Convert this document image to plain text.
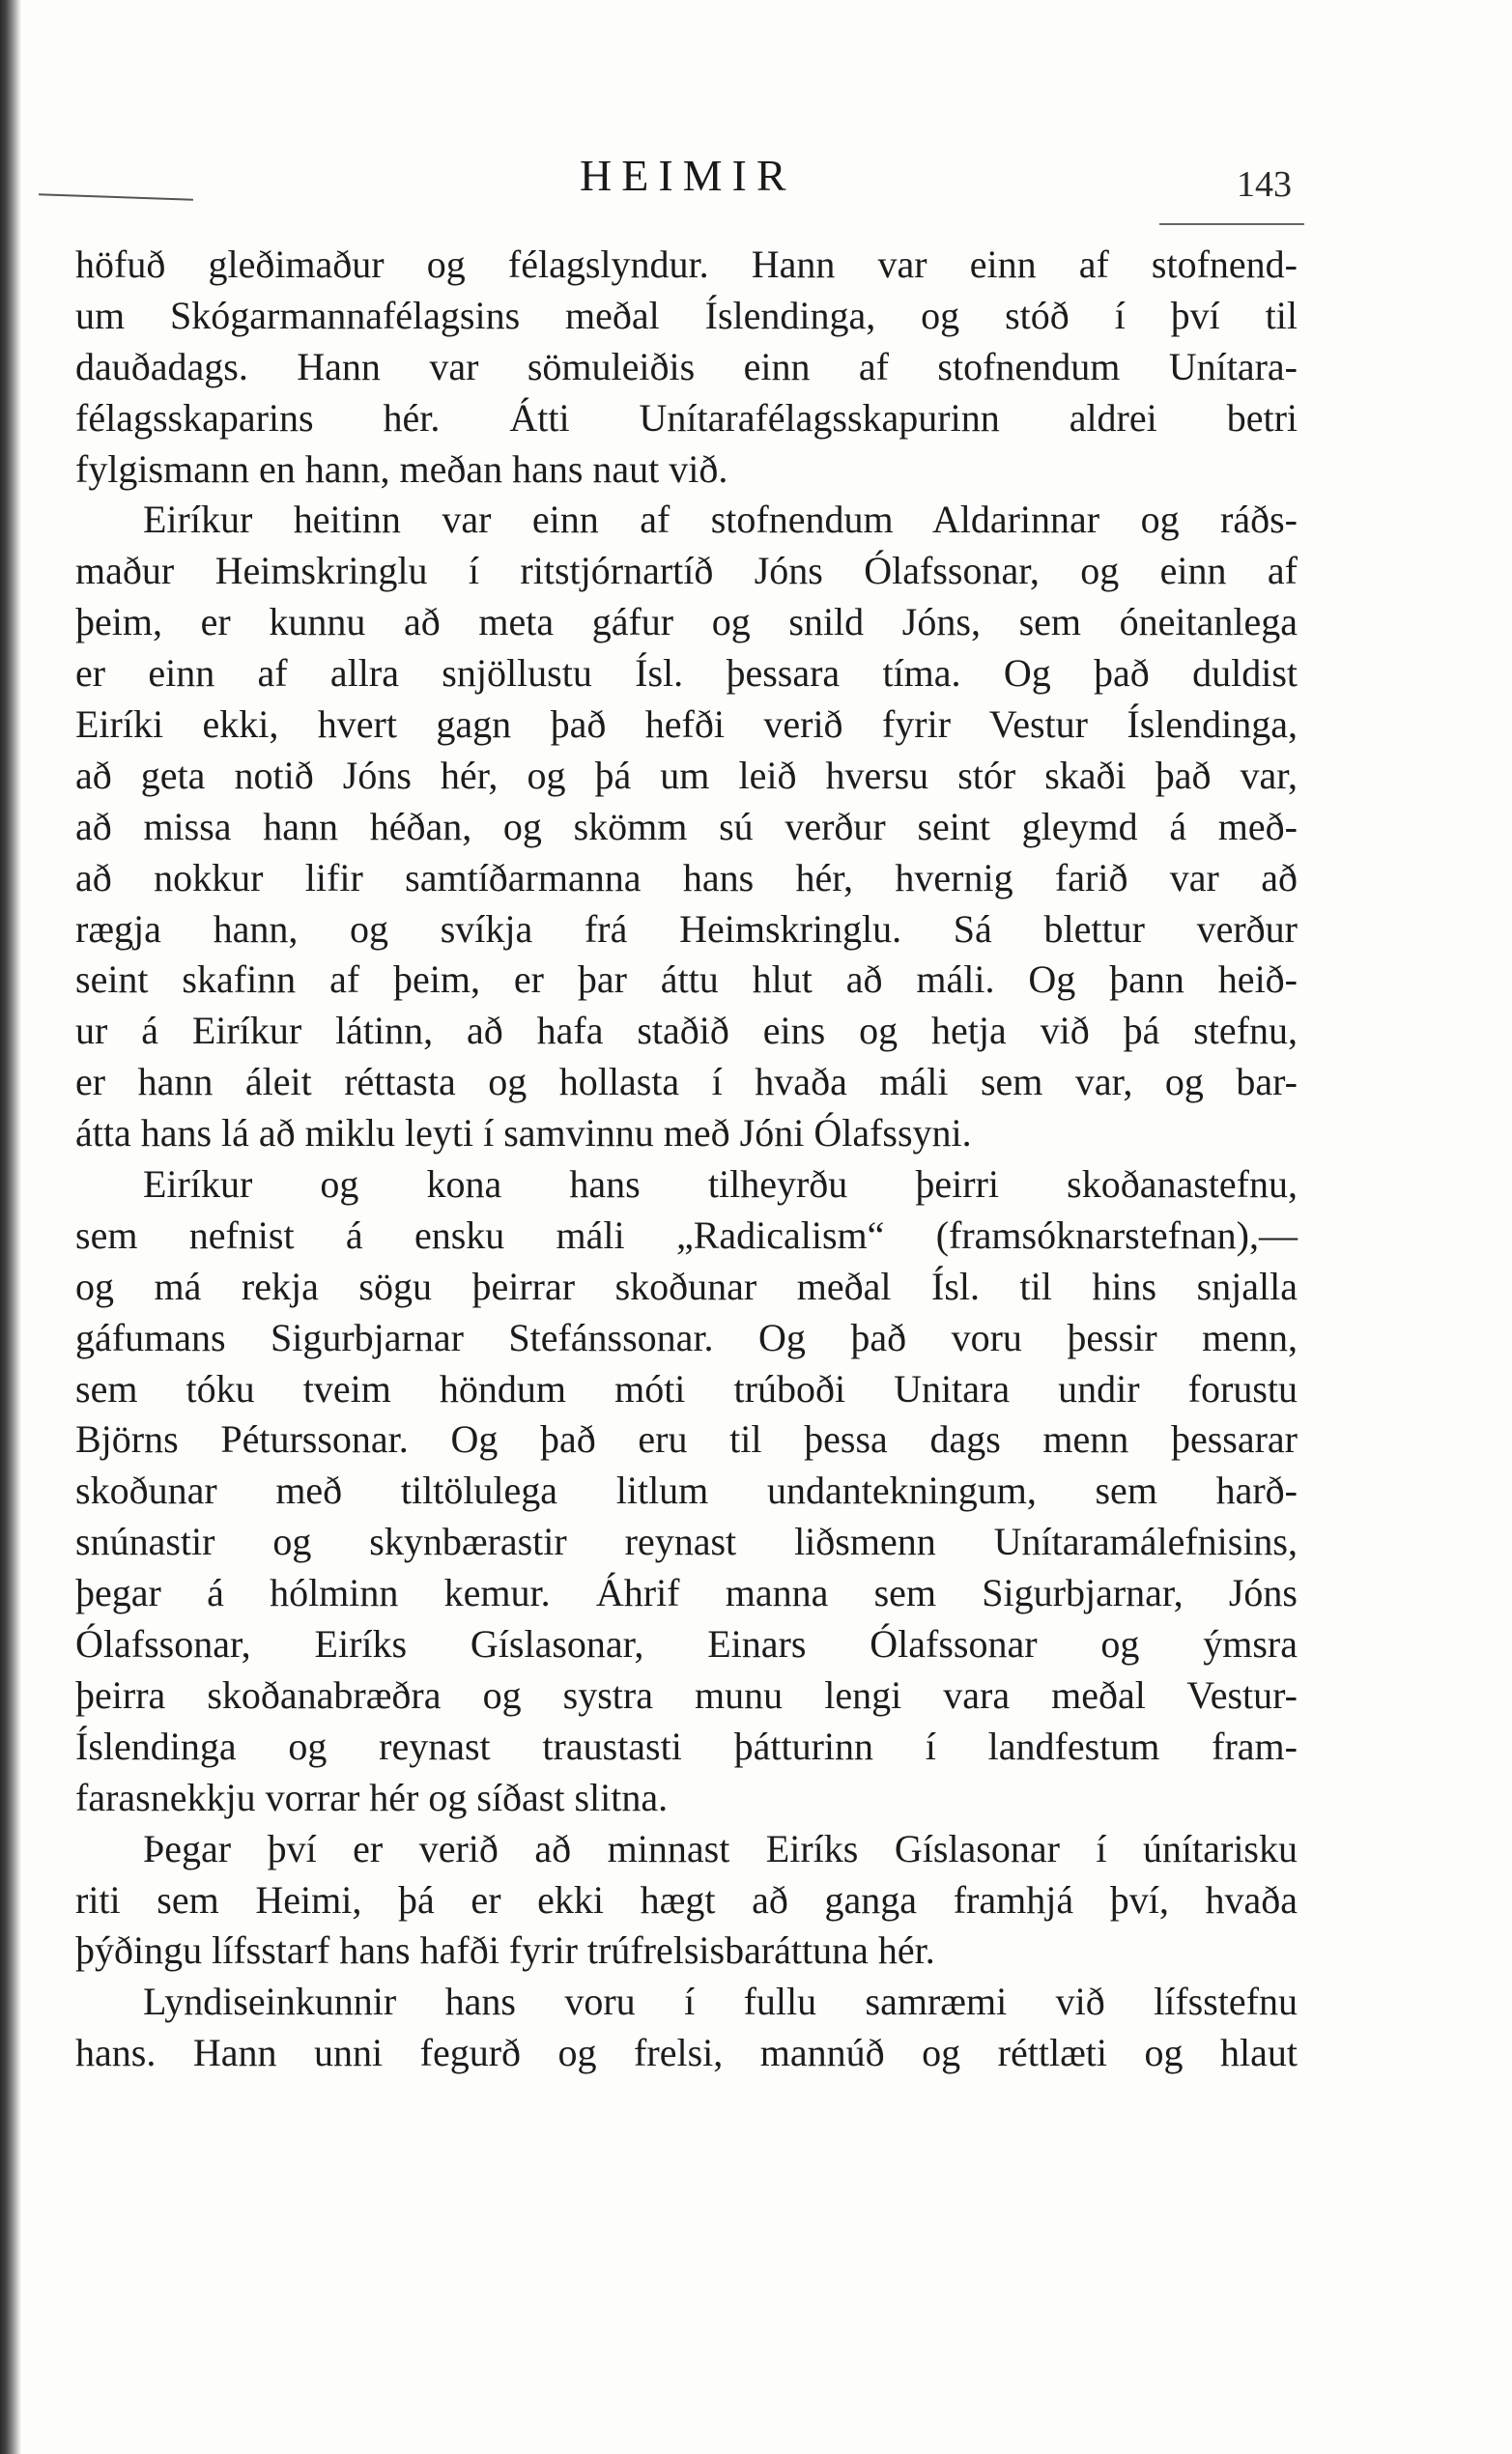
HEIMIR	143
höfuð gleðimaður og félagslyndur. Hann var einn af stofnend-
um Skógarmannafélagsins meðal Íslendinga, og stóð í því til
dauðadags. Hann var sömuleiðis einn af stofnendum Unítara-
félagsskaparins hér. Átti Unítarafélagsskapurinn aldrei betri
fylgismann en hann, meðan hans naut við.
Eiríkur heitinn var einn af stofnendum Aldarinnar og ráðs-
maður Heimskringlu í ritstjórnartíð Jóns Ólafssonar, og einn af
þeim, er kunnu að meta gáfur og snild Jóns, sem óneitanlega
er einn af allra snjöllustu Ísl. þessara tíma. Og það duldist
Eiríki ekki, hvert gagn það hefði verið fyrir Vestur Íslendinga,
að geta notið Jóns hér, og þá um leið hversu stór skaði það var,
að missa hann héðan, og skömm sú verður seint gleymd á með-
að nokkur lifir samtíðarmanna hans hér, hvernig farið var að
rægja hann, og svíkja frá Heimskringlu. Sá blettur verður
seint skafinn af þeim, er þar áttu hlut að máli. Og þann heið-
ur á Eiríkur látinn, að hafa staðið eins og hetja við þá stefnu,
er hann áleit réttasta og hollasta í hvaða máli sem var, og bar-
átta hans lá að miklu leyti í samvinnu með Jóni Ólafssyni.
Eiríkur og kona hans tilheyrðu þeirri skoðanastefnu,
sem nefnist á ensku máli „Radicalism“ (framsóknarstefnan),—
og má rekja sögu þeirrar skoðunar meðal Ísl. til hins snjalla
gáfumans Sigurbjarnar Stefánssonar. Og það voru þessir menn,
sem tóku tveim höndum móti trúboði Unitara undir forustu
Björns Péturssonar. Og það eru til þessa dags menn þessarar
skoðunar með tiltölulega litlum undantekningum, sem harð-
snúnastir og skynbærastir reynast liðsmenn Unítaramálefnisins,
þegar á hólminn kemur. Áhrif manna sem Sigurbjarnar, Jóns
Ólafssonar, Eiríks Gíslasonar, Einars Ólafssonar og ýmsra
þeirra skoðanabræðra og systra munu lengi vara meðal Vestur-
Íslendinga og reynast traustasti þátturinn í landfestum fram-
farasnekkju vorrar hér og síðast slitna.
Þegar því er verið að minnast Eiríks Gíslasonar í únítarisku
riti sem Heimi, þá er ekki hægt að ganga framhjá því, hvaða
þýðingu lífsstarf hans hafði fyrir trúfrelsisbaráttuna hér.
Lyndiseinkunnir hans voru í fullu samræmi við lífsstefnu
hans. Hann unni fegurð og frelsi, mannúð og réttlæti og hlaut
